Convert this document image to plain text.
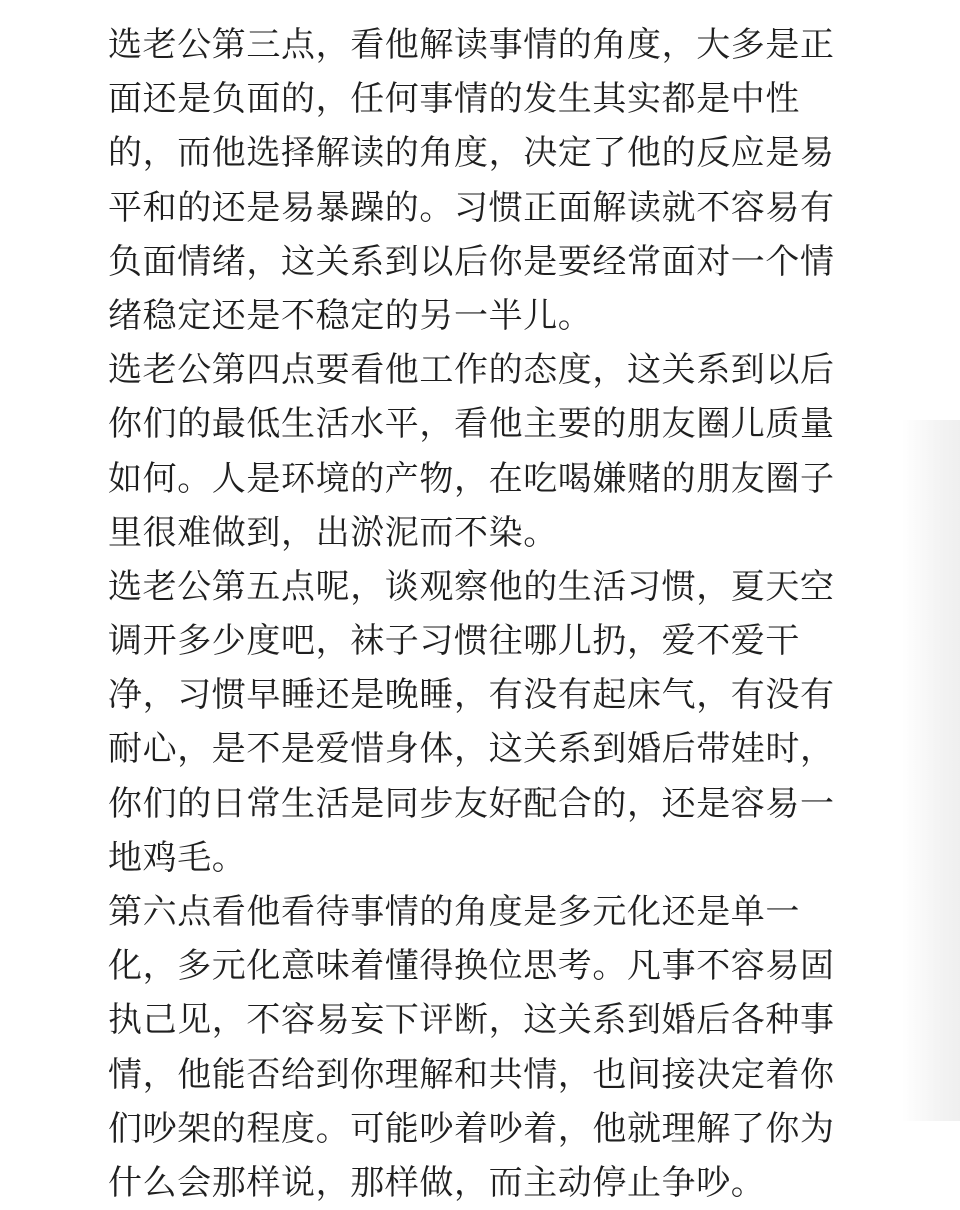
选老公第三点，看他解读事情的角度，大多是正
面还是负面的，任何事情的发生其实都是中性
的，而他选择解读的角度，决定了他的反应是易
平和的还是易暴躁的。习惯正面解读就不容易有
负面情绪，这关系到以后你是要经常面对一个情
绪稳定还是不稳定的另一半儿。
选老公第四点要看他工作的态度，这关系到以后
你们的最低生活水平，看他主要的朋友圈儿质量
如何。人是环境的产物，在吃喝嫌赌的朋友圈子
里很难做到，出淤泥而不染。
选老公第五点呢，谈观察他的生活习惯，夏天空
调开多少度吧，袜子习惯往哪儿扔，爱不爱干
净，习惯早睡还是晚睡，有没有起床气，有没有
耐心，是不是爱惜身体，这关系到婚后带娃时，
你们的日常生活是同步友好配合的，还是容易一
地鸡毛。
第六点看他看待事情的角度是多元化还是单一
化，多元化意味着懂得换位思考。凡事不容易固
执己见，不容易妄下评断，这关系到婚后各种事
情，他能否给到你理解和共情，也间接决定着你
们吵架的程度。可能吵着吵着，他就理解了你为
什么会那样说，那样做，而主动停止争吵。
